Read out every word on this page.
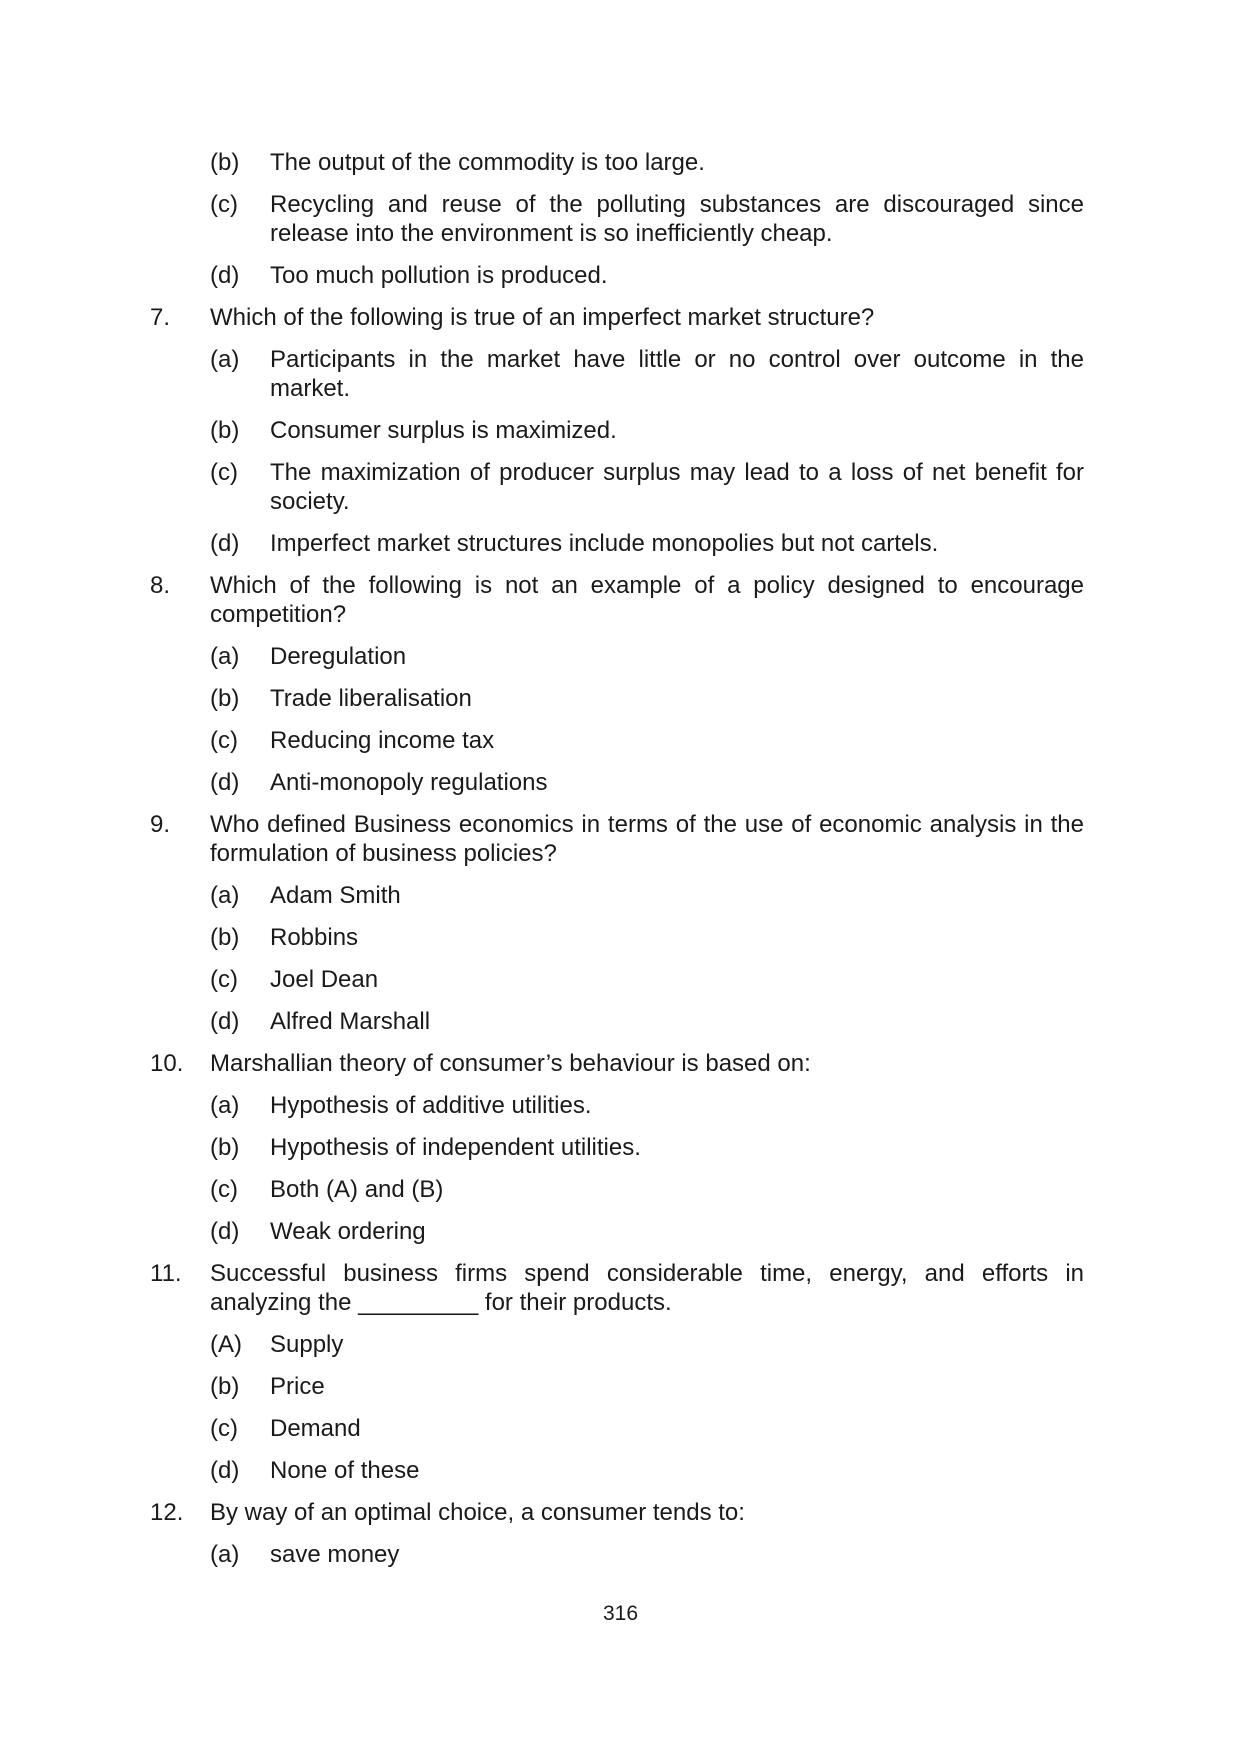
(b) The output of the commodity is too large.
(c) Recycling and reuse of the polluting substances are discouraged since release into the environment is so inefficiently cheap.
(d) Too much pollution is produced.
7. Which of the following is true of an imperfect market structure?
(a) Participants in the market have little or no control over outcome in the market.
(b) Consumer surplus is maximized.
(c) The maximization of producer surplus may lead to a loss of net benefit for society.
(d) Imperfect market structures include monopolies but not cartels.
8. Which of the following is not an example of a policy designed to encourage competition?
(a) Deregulation
(b) Trade liberalisation
(c) Reducing income tax
(d) Anti-monopoly regulations
9. Who defined Business economics in terms of the use of economic analysis in the formulation of business policies?
(a) Adam Smith
(b) Robbins
(c) Joel Dean
(d) Alfred Marshall
10. Marshallian theory of consumer’s behaviour is based on:
(a) Hypothesis of additive utilities.
(b) Hypothesis of independent utilities.
(c) Both (A) and (B)
(d) Weak ordering
11. Successful business firms spend considerable time, energy, and efforts in analyzing the _________ for their products.
(A) Supply
(b) Price
(c) Demand
(d) None of these
12. By way of an optimal choice, a consumer tends to:
(a) save money
316
